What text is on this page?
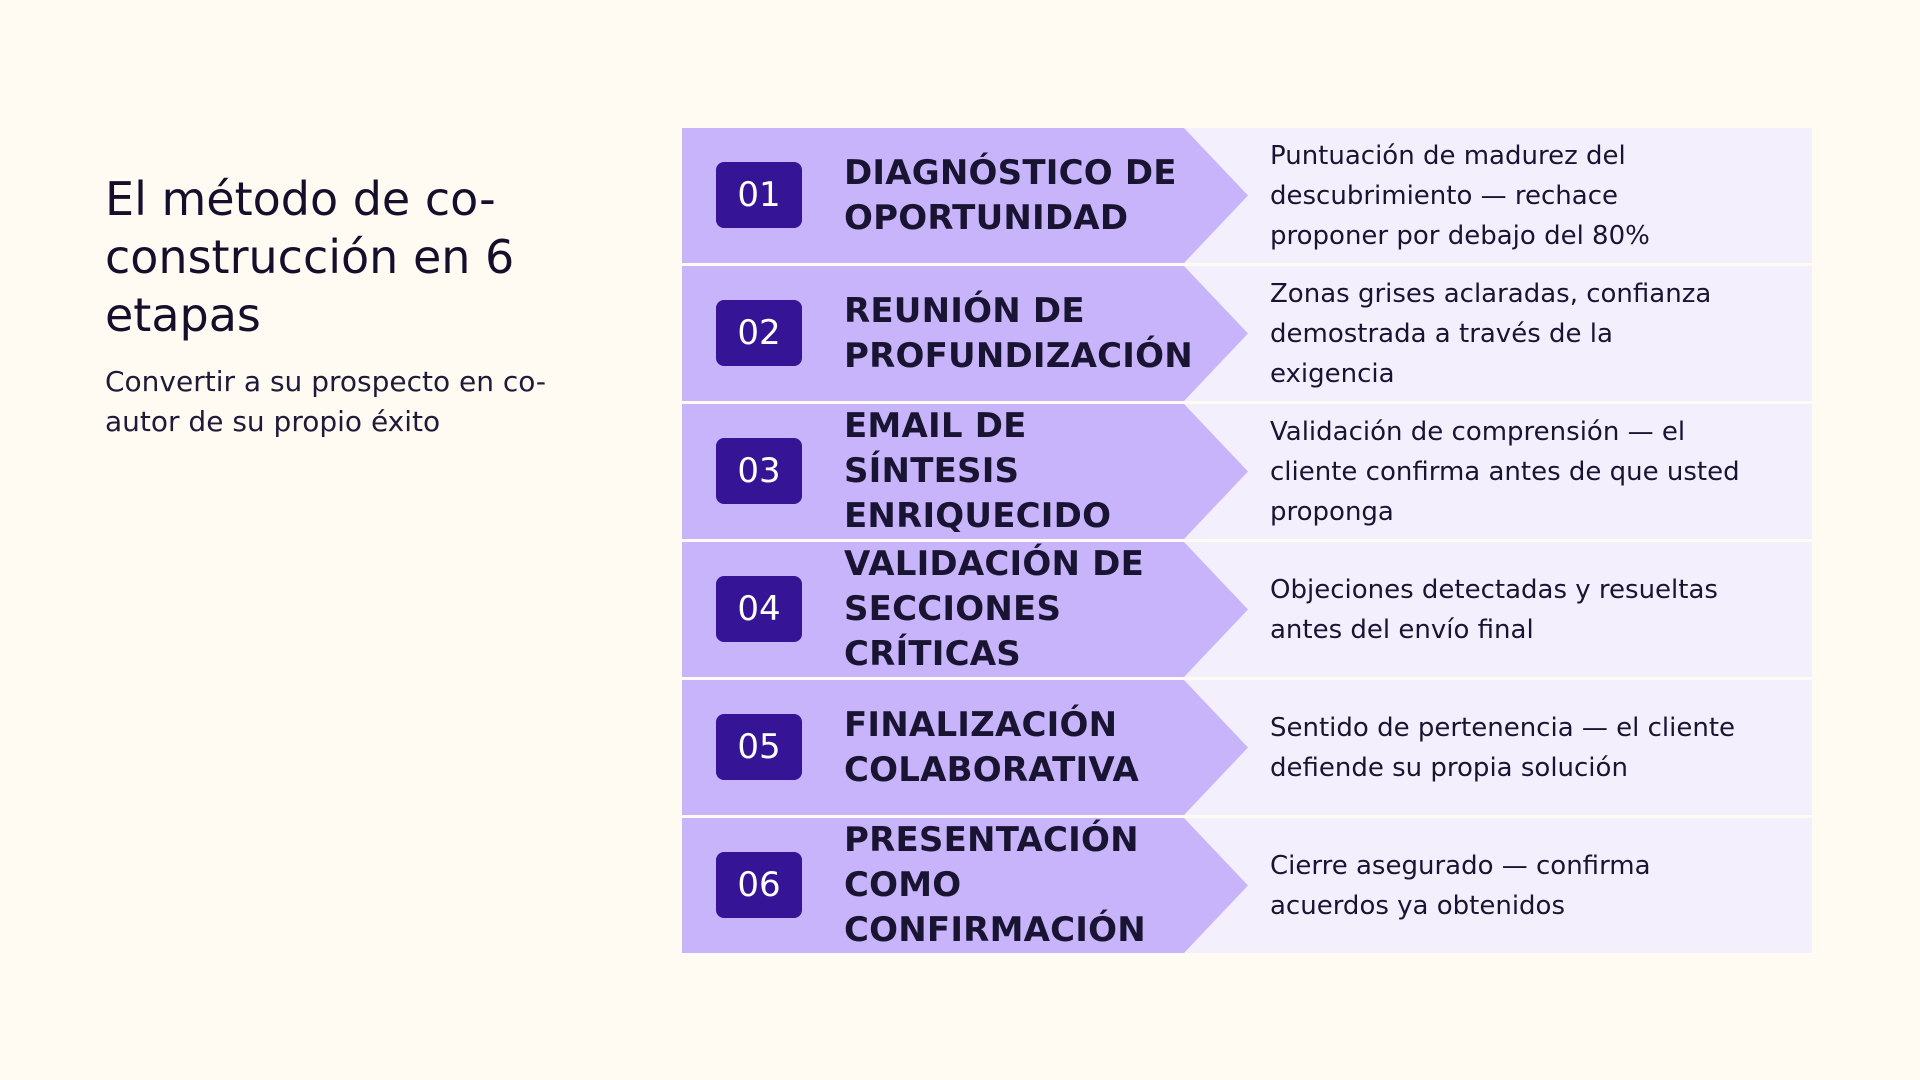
El método de co-construcción en 6 etapas

Convertir a su prospecto en co-autor de su propio éxito

01
DIAGNÓSTICO DE OPORTUNIDAD
Puntuación de madurez del descubrimiento — rechace proponer por debajo del 80%
02
REUNIÓN DE PROFUNDIZACIÓN
Zonas grises aclaradas, confianza demostrada a través de la exigencia
03
EMAIL DE SÍNTESIS ENRIQUECIDO
Validación de comprensión — el cliente confirma antes de que usted proponga
04
VALIDACIÓN DE SECCIONES CRÍTICAS
Objeciones detectadas y resueltas antes del envío final
05
FINALIZACIÓN COLABORATIVA
Sentido de pertenencia — el cliente defiende su propia solución
06
PRESENTACIÓN COMO CONFIRMACIÓN
Cierre asegurado — confirma acuerdos ya obtenidos
